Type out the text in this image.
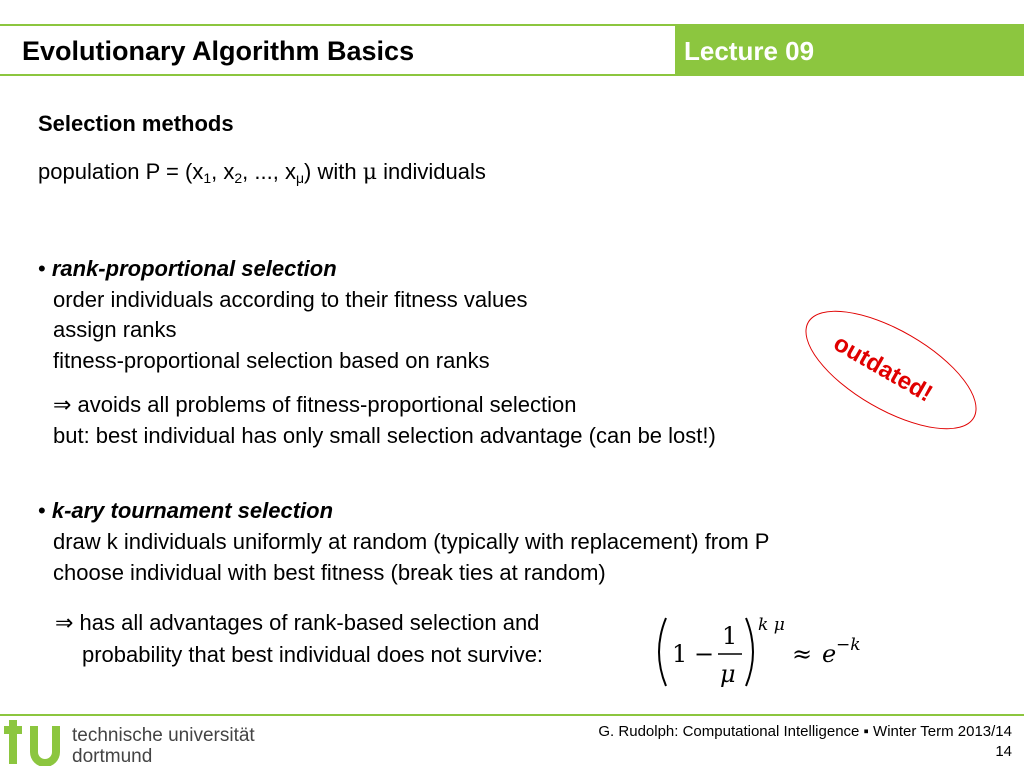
Evolutionary Algorithm Basics	Lecture 09
Selection methods
population $P = (x_1$, $x_2$, ..., $x_\mu$) with μ individuals
• rank-proportional selection
order individuals according to their fitness values
assign ranks
fitness-proportional selection based on ranks
⇒ avoids all problems of fitness-proportional selection
but: best individual has only small selection advantage (can be lost!)
outdated!
• k-ary tournament selection
draw k individuals uniformly at random (typically with replacement) from P
choose individual with best fitness (break ties at random)
⇒ has all advantages of rank-based selection and
probability that best individual does not survive:	1 −
1
μ
k μ
≈ e −k
technische universität
dortmund
G. Rudolph: Computational Intelligence ▪ Winter Term 2013/14
14
